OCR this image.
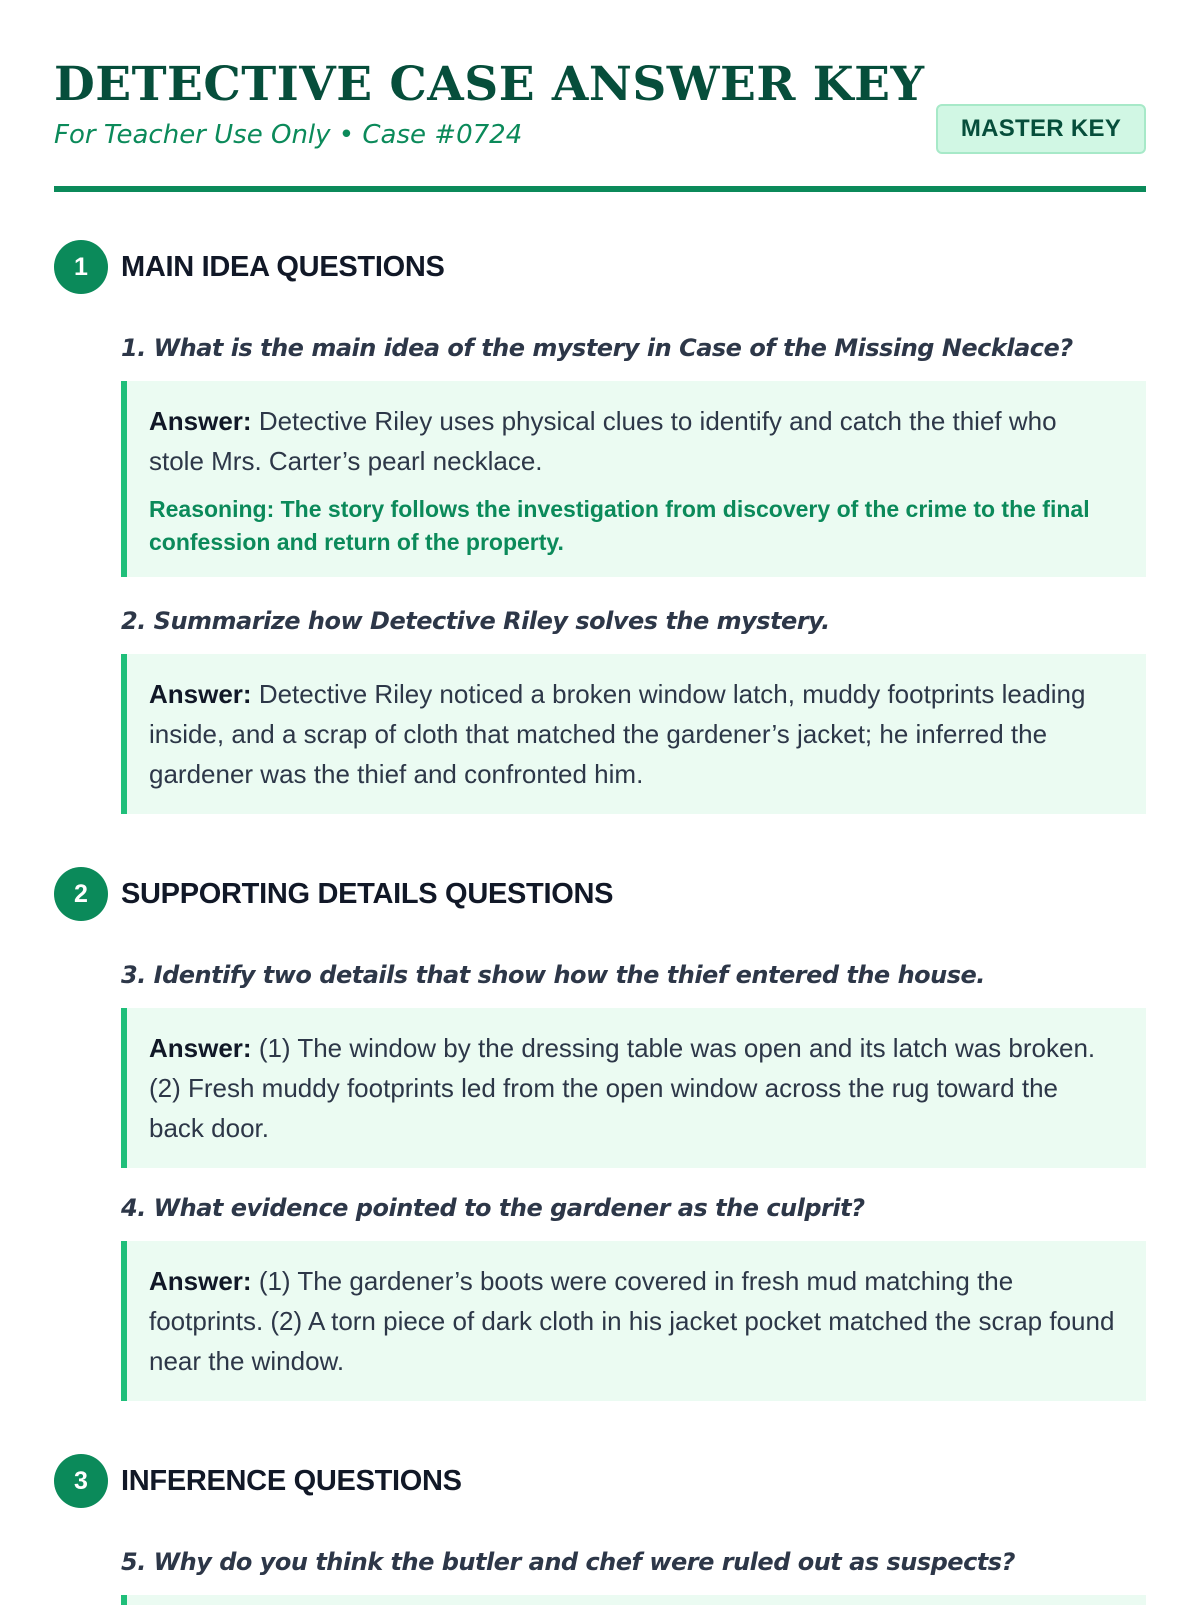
DETECTIVE CASE ANSWER KEY
For Teacher Use Only • Case #0724	MASTER KEY
1	MAIN IDEA QUESTIONS
1. What is the main idea of the mystery in Case of the Missing Necklace?
Answer: Detective Riley uses physical clues to identify and catch the thief who stole Mrs. Carter’s pearl necklace.
Reasoning: The story follows the investigation from discovery of the crime to the final confession and return of the property.
2. Summarize how Detective Riley solves the mystery.
Answer: Detective Riley noticed a broken window latch, muddy footprints leading inside, and a scrap of cloth that matched the gardener’s jacket; he inferred the gardener was the thief and confronted him.
2	SUPPORTING DETAILS QUESTIONS
3. Identify two details that show how the thief entered the house.
Answer: (1) The window by the dressing table was open and its latch was broken. (2) Fresh muddy footprints led from the open window across the rug toward the back door.
4. What evidence pointed to the gardener as the culprit?
Answer: (1) The gardener’s boots were covered in fresh mud matching the footprints. (2) A torn piece of dark cloth in his jacket pocket matched the scrap found near the window.
3	INFERENCE QUESTIONS
5. Why do you think the butler and chef were ruled out as suspects?
